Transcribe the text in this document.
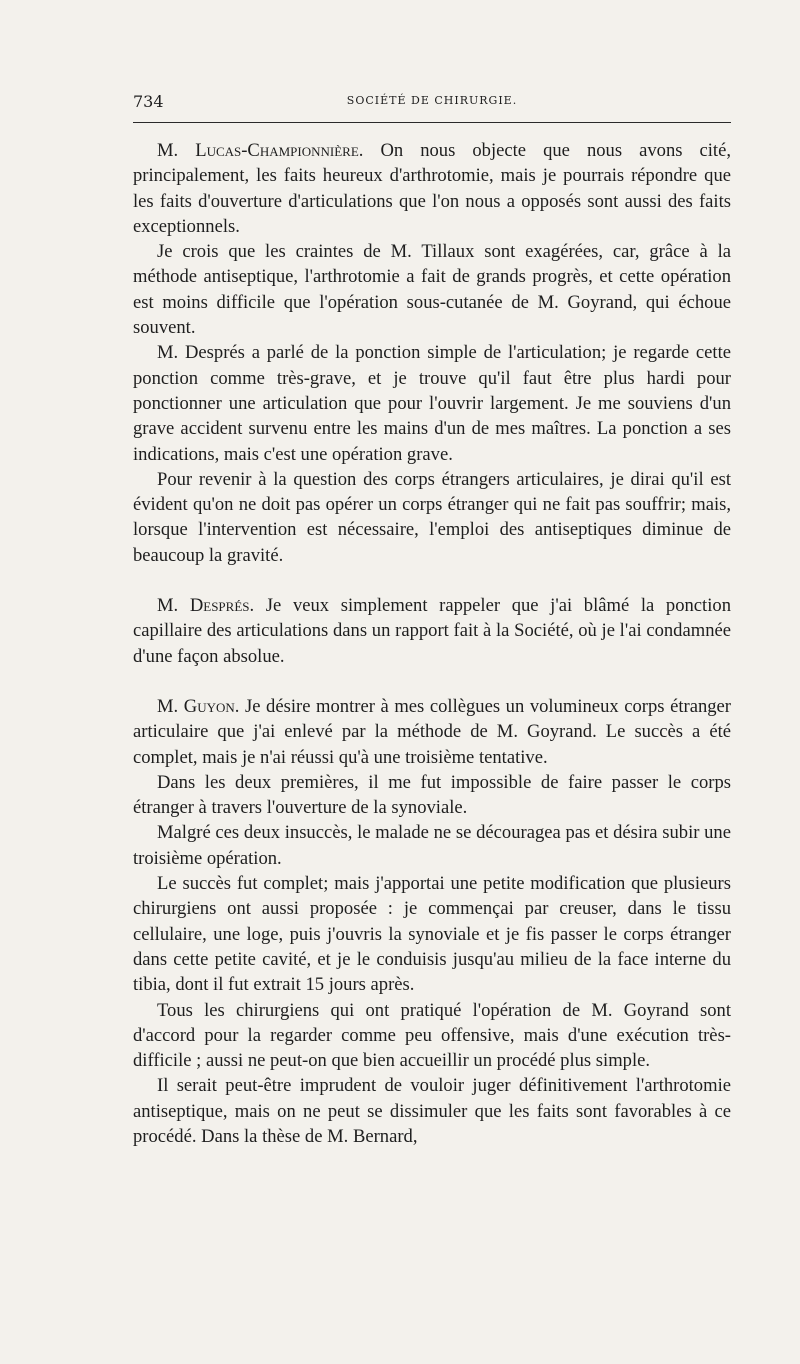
734	SOCIÉTÉ DE CHIRURGIE.

M. Lucas-Championnière. On nous objecte que nous avons cité, principalement, les faits heureux d'arthrotomie, mais je pourrais répondre que les faits d'ouverture d'articulations que l'on nous a opposés sont aussi des faits exceptionnels.

Je crois que les craintes de M. Tillaux sont exagérées, car, grâce à la méthode antiseptique, l'arthrotomie a fait de grands progrès, et cette opération est moins difficile que l'opération sous-cutanée de M. Goyrand, qui échoue souvent.

M. Després a parlé de la ponction simple de l'articulation; je regarde cette ponction comme très-grave, et je trouve qu'il faut être plus hardi pour ponctionner une articulation que pour l'ouvrir largement. Je me souviens d'un grave accident survenu entre les mains d'un de mes maîtres. La ponction a ses indications, mais c'est une opération grave.

Pour revenir à la question des corps étrangers articulaires, je dirai qu'il est évident qu'on ne doit pas opérer un corps étranger qui ne fait pas souffrir; mais, lorsque l'intervention est nécessaire, l'emploi des antiseptiques diminue de beaucoup la gravité.

M. Després. Je veux simplement rappeler que j'ai blâmé la ponction capillaire des articulations dans un rapport fait à la Société, où je l'ai condamnée d'une façon absolue.

M. Guyon. Je désire montrer à mes collègues un volumineux corps étranger articulaire que j'ai enlevé par la méthode de M. Goyrand. Le succès a été complet, mais je n'ai réussi qu'à une troisième tentative.

Dans les deux premières, il me fut impossible de faire passer le corps étranger à travers l'ouverture de la synoviale.

Malgré ces deux insuccès, le malade ne se découragea pas et désira subir une troisième opération.

Le succès fut complet; mais j'apportai une petite modification que plusieurs chirurgiens ont aussi proposée : je commençai par creuser, dans le tissu cellulaire, une loge, puis j'ouvris la synoviale et je fis passer le corps étranger dans cette petite cavité, et je le conduisis jusqu'au milieu de la face interne du tibia, dont il fut extrait 15 jours après.

Tous les chirurgiens qui ont pratiqué l'opération de M. Goyrand sont d'accord pour la regarder comme peu offensive, mais d'une exécution très-difficile ; aussi ne peut-on que bien accueillir un procédé plus simple.

Il serait peut-être imprudent de vouloir juger définitivement l'arthrotomie antiseptique, mais on ne peut se dissimuler que les faits sont favorables à ce procédé. Dans la thèse de M. Bernard,
